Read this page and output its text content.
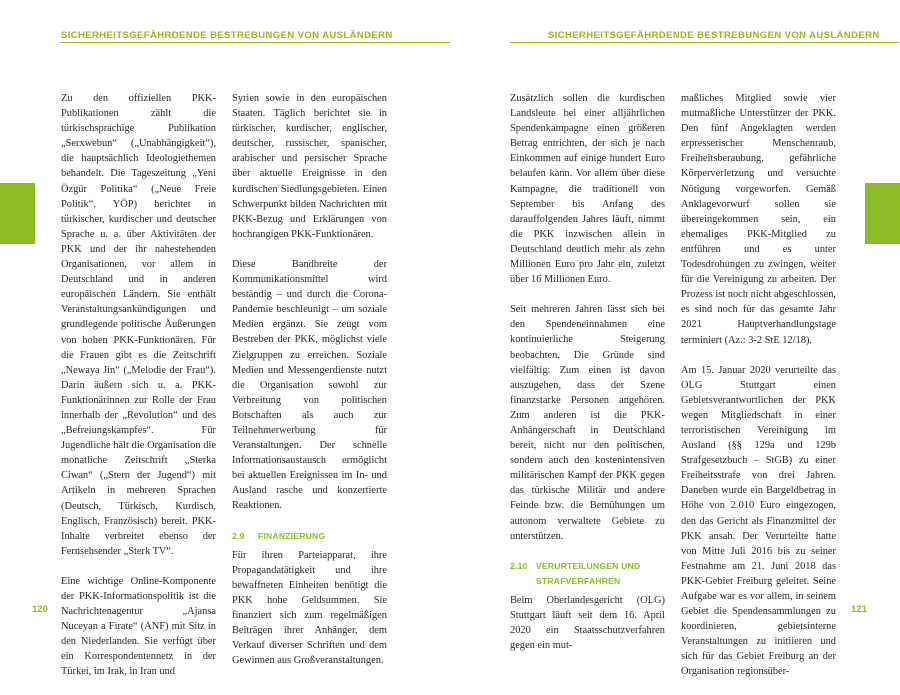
SICHERHEITSGEFÄHRDENDE BESTREBUNGEN VON AUSLÄNDERN

Zu den offiziellen PKK-Publikationen zählt die türkischsprachige Publikation „Serxwebun“ („Unabhängigkeit“), die hauptsächlich Ideologiethemen behandelt. Die Tageszeitung „Yeni Özgür Politika“ („Neue Freie Politik“, YÖP) berichtet in türkischer, kurdischer und deutscher Sprache u. a. über Aktivitäten der PKK und der ihr nahestehenden Organisationen, vor allem in Deutschland und in anderen europäischen Ländern. Sie enthält Veranstaltungsankündigungen und grundlegende politische Äußerungen von hohen PKK-Funktionären. Für die Frauen gibt es die Zeitschrift „Newaya Jin“ („Melodie der Frau“). Darin äußern sich u. a. PKK-Funktionärinnen zur Rolle der Frau innerhalb der „Revolution“ und des „Befreiungskampfes“. Für Jugendliche hält die Organisation die monatliche Zeitschrift „Sterka Ciwan“ („Stern der Jugend“) mit Artikeln in mehreren Sprachen (Deutsch, Türkisch, Kurdisch, Englisch, Französisch) bereit. PKK-Inhalte verbreitet ebenso der Fernsehsender „Sterk TV“.

Eine wichtige Online-Komponente der PKK-Informationspolitik ist die Nachrichtenagentur „Ajansa Nuceyan a Firate“ (ANF) mit Sitz in den Niederlanden. Sie verfügt über ein Korrespondentennetz in der Türkei, im Irak, in Iran und

Syrien sowie in den europäischen Staaten. Täglich berichtet sie in türkischer, kurdischer, englischer, deutscher, russischer, spanischer, arabischer und persischer Sprache über aktuelle Ereignisse in den kurdischen Siedlungsgebieten. Einen Schwerpunkt bilden Nachrichten mit PKK-Bezug und Erklärungen von hochrangigen PKK-Funktionären.

Diese Bandbreite der Kommunikationsmittel wird beständig – und durch die Corona-Pandemie beschleunigt – um soziale Medien ergänzt. Sie zeugt vom Bestreben der PKK, möglichst viele Zielgruppen zu erreichen. Soziale Medien und Messengerdienste nutzt die Organisation sowohl zur Verbreitung von politischen Botschaften als auch zur Teilnehmerwerbung für Veranstaltungen. Der schnelle Informationsaustausch ermöglicht bei aktuellen Ereignissen im In- und Ausland rasche und konzertierte Reaktionen.

2.9	FINANZIERUNG

Für ihren Parteiapparat, ihre Propagandatätigkeit und ihre bewaffneten Einheiten benötigt die PKK hohe Geldsummen. Sie finanziert sich zum regelmäßigen Beiträgen ihrer Anhänger, dem Verkauf diverser Schriften und dem Gewinnen aus Großveranstaltungen.

120
SICHERHEITSGEFÄHRDENDE BESTREBUNGEN VON AUSLÄNDERN

Zusätzlich sollen die kurdischen Landsleute bei einer alljährlichen Spendenkampagne einen größeren Betrag entrichten, der sich je nach Einkommen auf einige hundert Euro belaufen kann. Vor allem über diese Kampagne, die traditionell von September bis Anfang des darauffolgenden Jahres läuft, nimmt die PKK inzwischen allein in Deutschland deutlich mehr als zehn Millionen Euro pro Jahr ein, zuletzt über 16 Millionen Euro.

Seit mehreren Jahren lässt sich bei den Spendeneinnahmen eine kontinuierliche Steigerung beobachten. Die Gründe sind vielfältig: Zum einen ist davon auszugehen, dass der Szene finanzstarke Personen angehören. Zum anderen ist die PKK-Anhängerschaft in Deutschland bereit, nicht nur den politischen, sondern auch den kostenintensiven militärischen Kampf der PKK gegen das türkische Militär und andere Feinde bzw. die Bemühungen um autonom verwaltete Gebiete zu unterstützen.

2.10 VERURTEILUNGEN UND
STRAFVERFAHREN

Beim Oberlandesgericht (OLG) Stuttgart läuft seit dem 16. April 2020 ein Staatsschutzverfahren gegen ein mut-

maßliches Mitglied sowie vier mutmaßliche Unterstützer der PKK. Den fünf Angeklagten werden erpresserischer Menschenraub, Freiheitsberaubung, gefährliche Körperverletzung und versuchte Nötigung vorgeworfen. Gemäß Anklagevorwurf sollen sie übereingekommen sein, ein ehemaliges PKK-Mitglied zu entführen und es unter Todesdrohungen zu zwingen, weiter für die Vereinigung zu arbeiten. Der Prozess ist noch nicht abgeschlossen, es sind noch für das gesamte Jahr 2021 Hauptverhandlungstage terminiert (Az.: 3-2 StE 12/18).

Am 15. Januar 2020 verurteilte das OLG Stuttgart einen Gebietsverantwortlichen der PKK wegen Mitgliedschaft in einer terroristischen Vereinigung im Ausland (§§ 129a und 129b Strafgesetzbuch – StGB) zu einer Freiheitsstrafe von drei Jahren. Daneben wurde ein Bargeldbetrag in Höhe von 2.010 Euro eingezogen, den das Gericht als Finanzmittel der PKK ansah. Der Verurteilte hatte von Mitte Juli 2016 bis zu seiner Festnahme am 21. Juni 2018 das PKK-Gebiet Freiburg geleitet. Seine Aufgabe war es vor allem, in seinem Gebiet die Spendensammlungen zu koordinieren, gebietsinterne Veranstaltungen zu initiieren und sich für das Gebiet Freiburg an der Organisation regionsüber-

121
